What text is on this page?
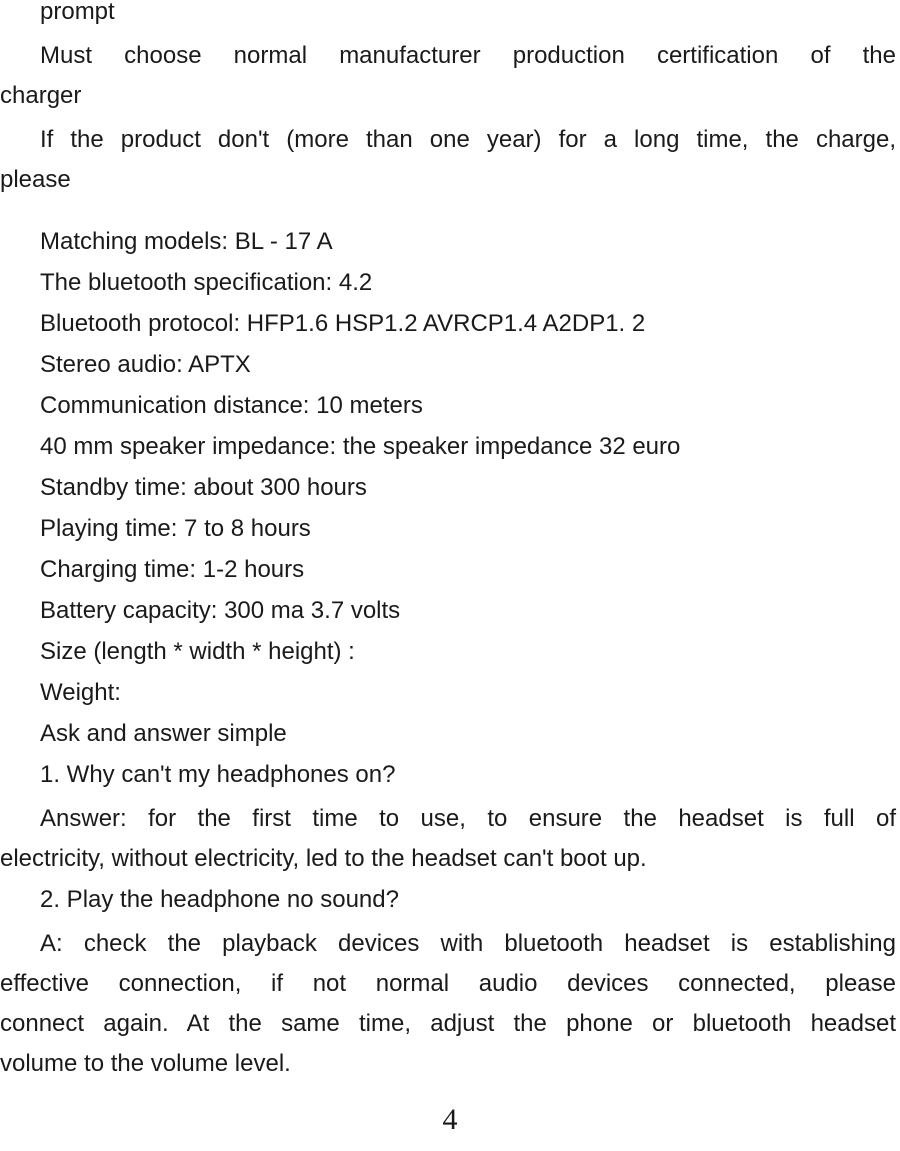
prompt
Must choose normal manufacturer production certification of the
charger
If the product don't (more than one year) for a long time, the charge,
please
Matching models: BL - 17 A
The bluetooth specification: 4.2
Bluetooth protocol: HFP1.6 HSP1.2 AVRCP1.4 A2DP1. 2
Stereo audio: APTX
Communication distance: 10 meters
40 mm speaker impedance: the speaker impedance 32 euro
Standby time: about 300 hours
Playing time: 7 to 8 hours
Charging time: 1-2 hours
Battery capacity: 300 ma 3.7 volts
Size (length * width * height) :
Weight:
Ask and answer simple
1. Why can't my headphones on?
Answer: for the first time to use, to ensure the headset is full of
electricity, without electricity, led to the headset can't boot up.
2. Play the headphone no sound?
A: check the playback devices with bluetooth headset is establishing
effective connection, if not normal audio devices connected, please
connect again. At the same time, adjust the phone or bluetooth headset
volume to the volume level.
4
